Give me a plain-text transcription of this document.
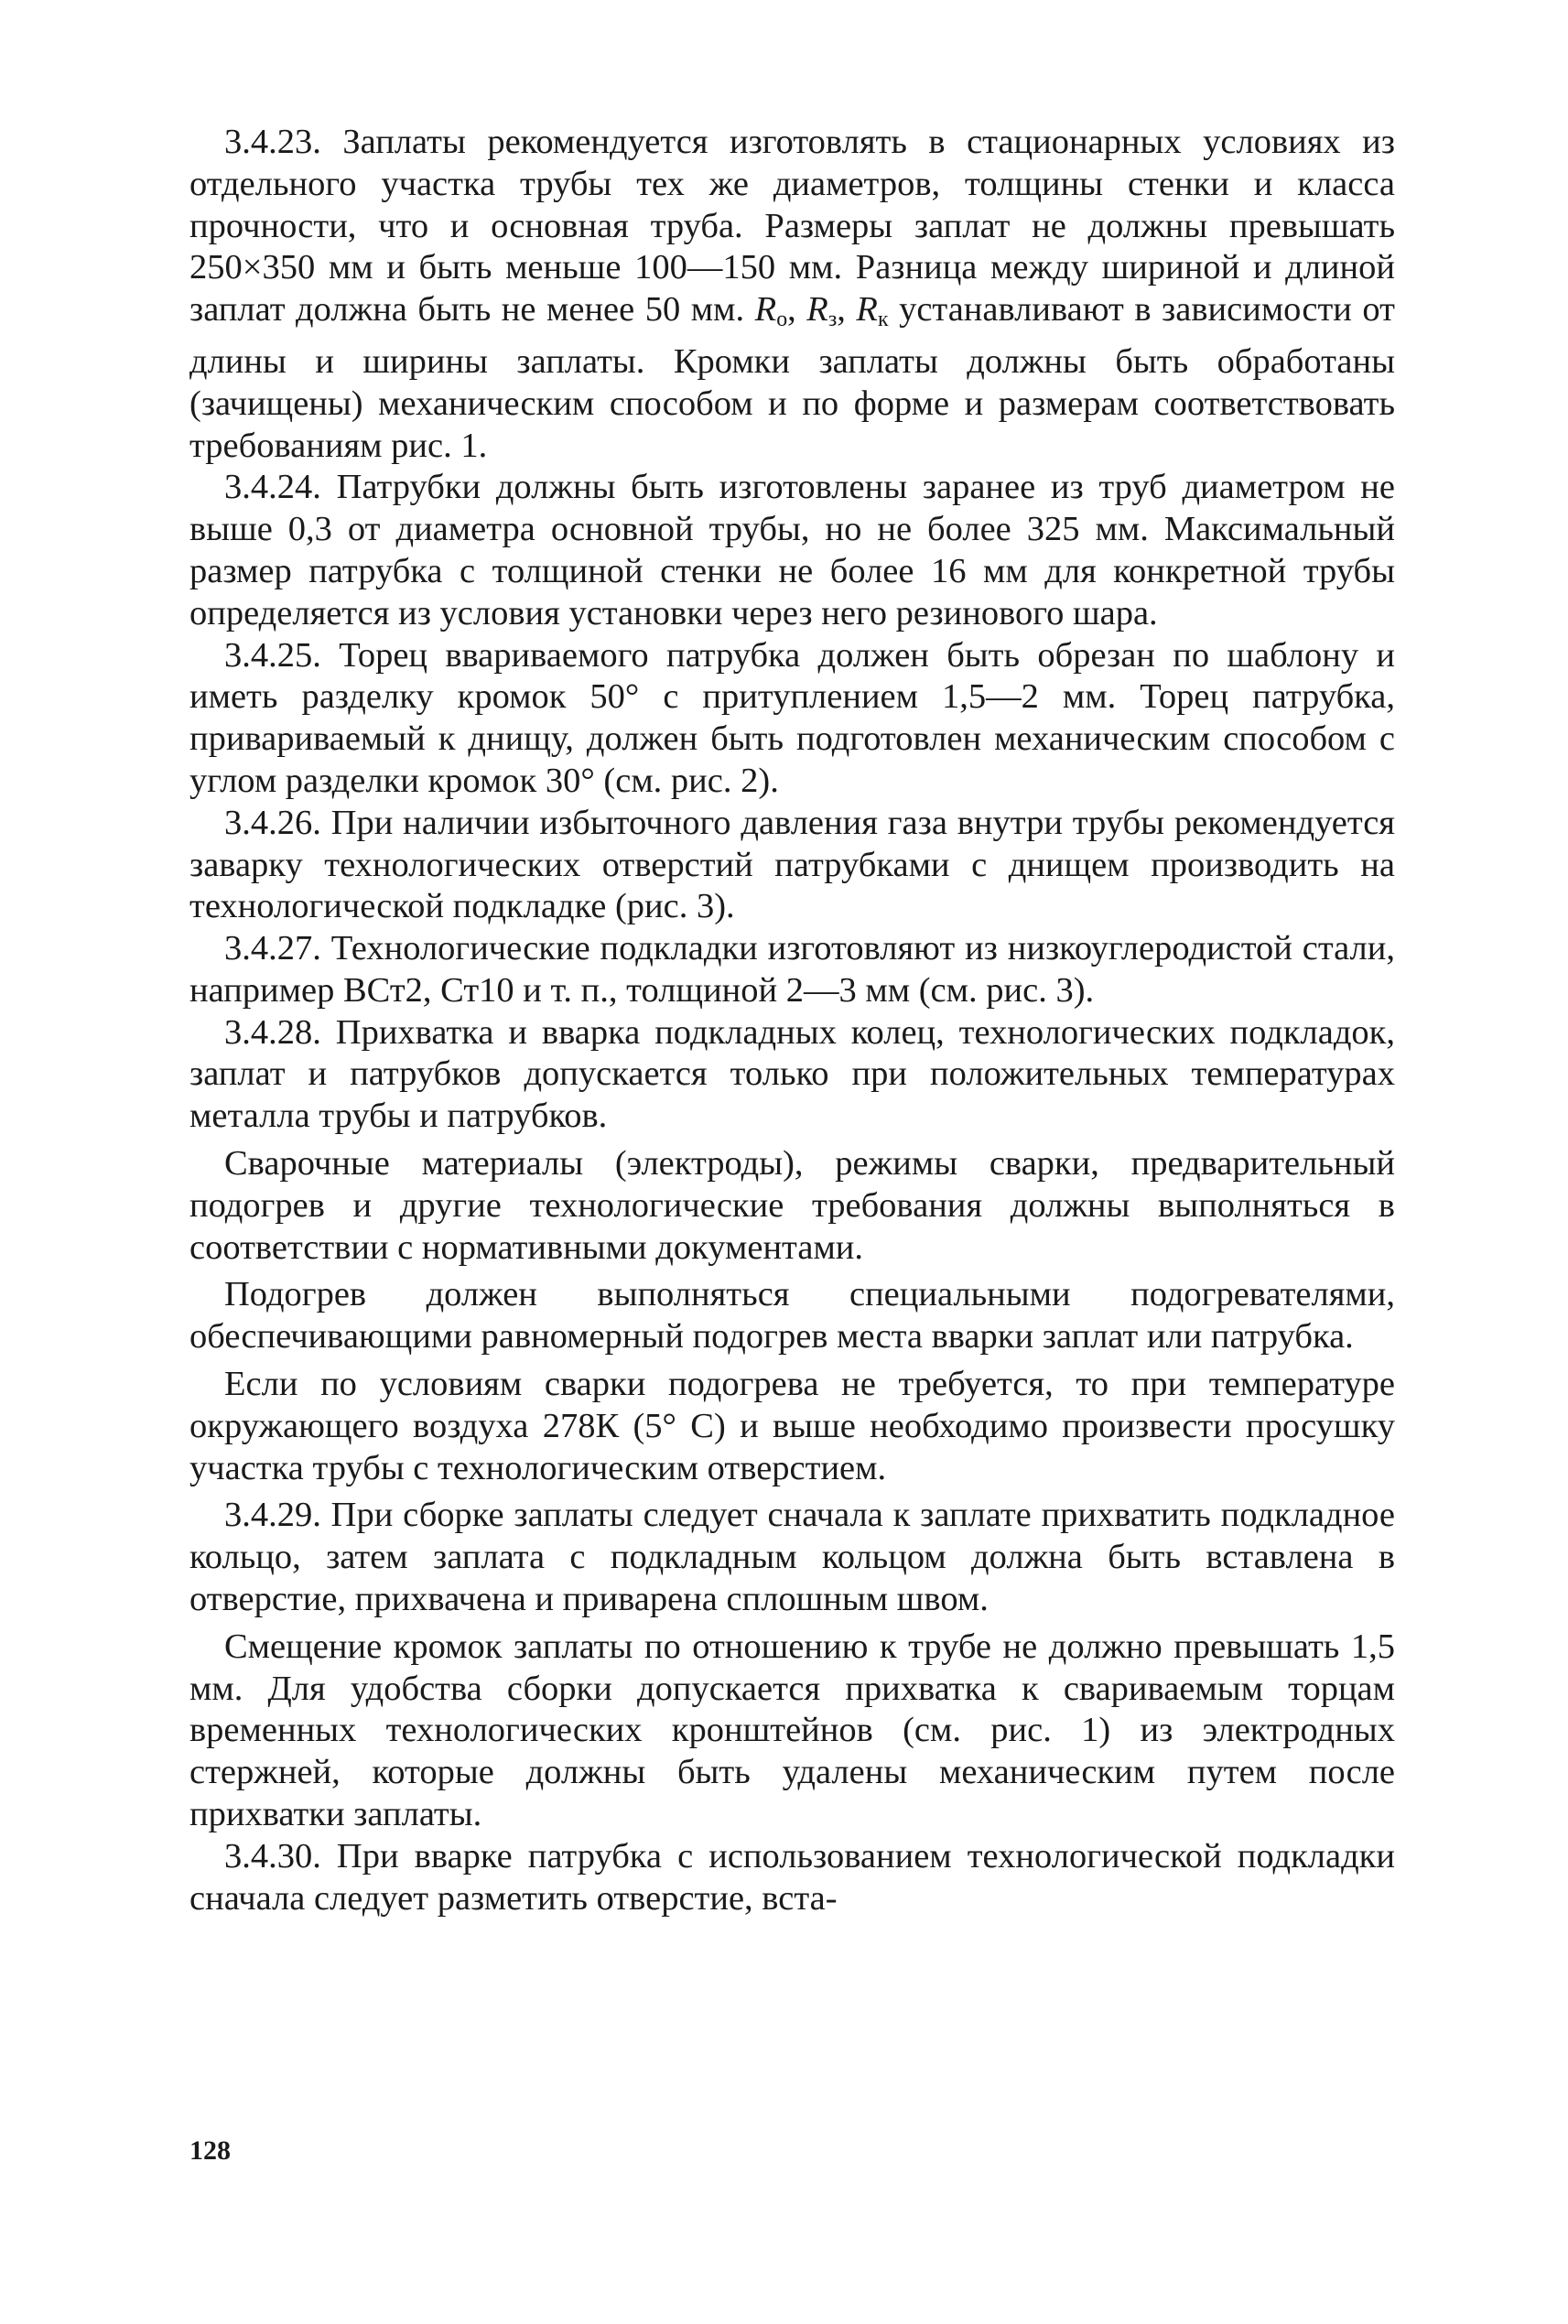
3.4.23. Заплаты рекомендуется изготовлять в стационарных условиях из отдельного участка трубы тех же диаметров, толщины стенки и класса прочности, что и основная труба. Размеры заплат не должны превышать 250×350 мм и быть меньше 100—150 мм. Разница между шириной и длиной заплат должна быть не менее 50 мм. Rо, Rз, Rк устанавливают в зависимости от длины и ширины заплаты. Кромки заплаты должны быть обработаны (зачищены) механическим способом и по форме и размерам соответствовать требованиям рис. 1.

3.4.24. Патрубки должны быть изготовлены заранее из труб диаметром не выше 0,3 от диаметра основной трубы, но не более 325 мм. Максимальный размер патрубка с толщиной стенки не более 16 мм для конкретной трубы определяется из условия установки через него резинового шара.

3.4.25. Торец ввариваемого патрубка должен быть обрезан по шаблону и иметь разделку кромок 50° с притуплением 1,5—2 мм. Торец патрубка, привариваемый к днищу, должен быть подготовлен механическим способом с углом разделки кромок 30° (см. рис. 2).

3.4.26. При наличии избыточного давления газа внутри трубы рекомендуется заварку технологических отверстий патрубками с днищем производить на технологической подкладке (рис. 3).

3.4.27. Технологические подкладки изготовляют из низкоуглеродистой стали, например ВСт2, Ст10 и т. п., толщиной 2—3 мм (см. рис. 3).

3.4.28. Прихватка и вварка подкладных колец, технологических подкладок, заплат и патрубков допускается только при положительных температурах металла трубы и патрубков.

Сварочные материалы (электроды), режимы сварки, предварительный подогрев и другие технологические требования должны выполняться в соответствии с нормативными документами.

Подогрев должен выполняться специальными подогревателями, обеспечивающими равномерный подогрев места вварки заплат или патрубка.

Если по условиям сварки подогрева не требуется, то при температуре окружающего воздуха 278К (5° С) и выше необходимо произвести просушку участка трубы с технологическим отверстием.

3.4.29. При сборке заплаты следует сначала к заплате прихватить подкладное кольцо, затем заплата с подкладным кольцом должна быть вставлена в отверстие, прихвачена и приварена сплошным швом.

Смещение кромок заплаты по отношению к трубе не должно превышать 1,5 мм. Для удобства сборки допускается прихватка к свариваемым торцам временных технологических кронштейнов (см. рис. 1) из электродных стержней, которые должны быть удалены механическим путем после прихватки заплаты.

3.4.30. При вварке патрубка с использованием технологической подкладки сначала следует разметить отверстие, вста-

128
